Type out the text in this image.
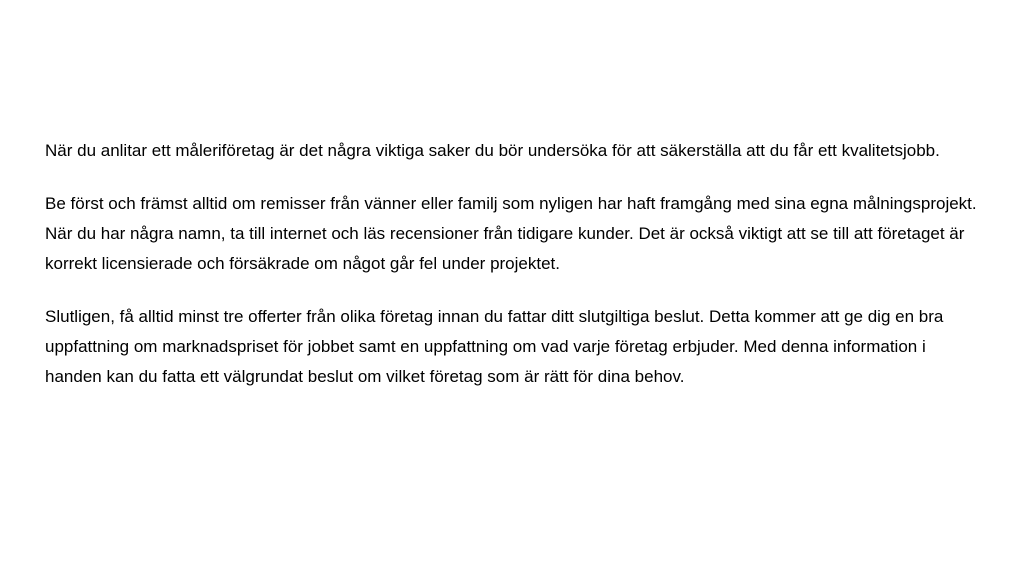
När du anlitar ett måleriföretag är det några viktiga saker du bör undersöka för att säkerställa att du får ett kvalitetsjobb.

Be först och främst alltid om remisser från vänner eller familj som nyligen har haft framgång med sina egna målningsprojekt. När du har några namn, ta till internet och läs recensioner från tidigare kunder. Det är också viktigt att se till att företaget är korrekt licensierade och försäkrade om något går fel under projektet.

Slutligen, få alltid minst tre offerter från olika företag innan du fattar ditt slutgiltiga beslut. Detta kommer att ge dig en bra uppfattning om marknadspriset för jobbet samt en uppfattning om vad varje företag erbjuder. Med denna information i handen kan du fatta ett välgrundat beslut om vilket företag som är rätt för dina behov.
